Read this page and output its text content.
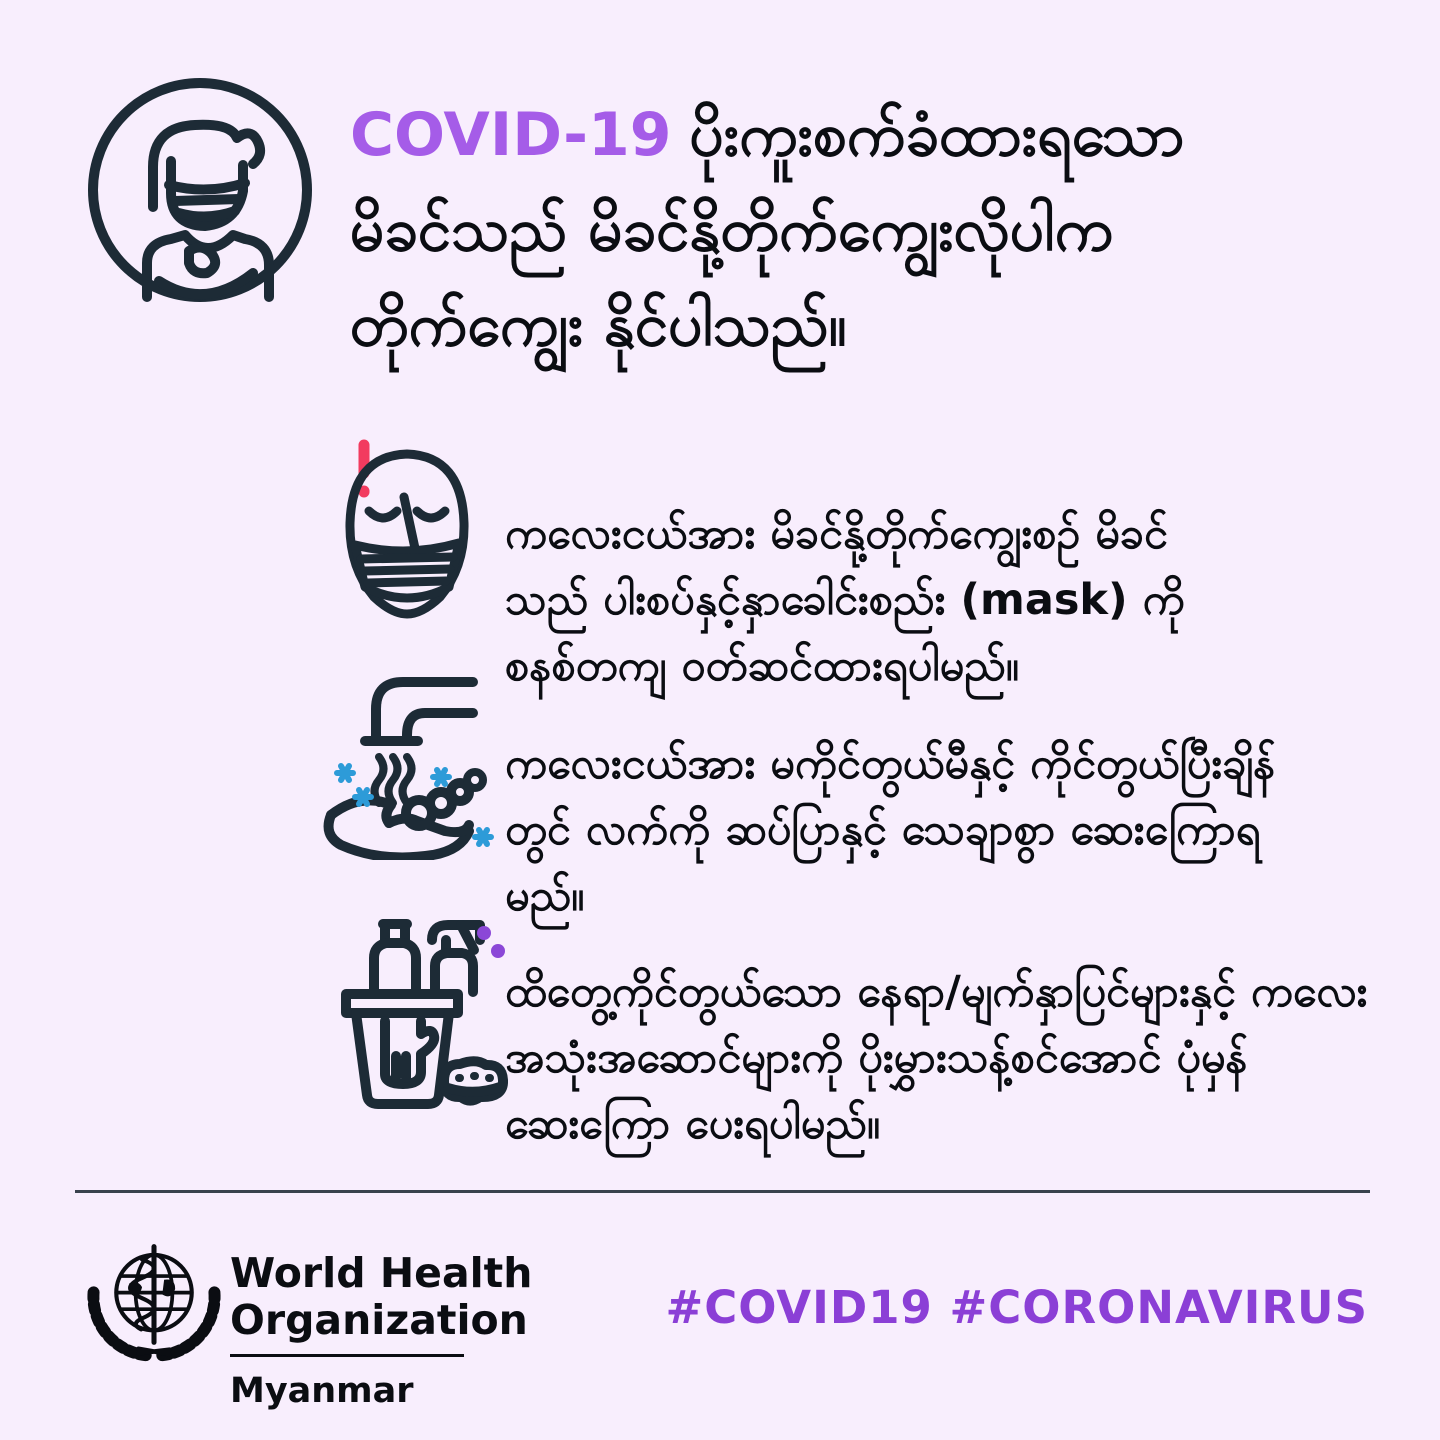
COVID-19 ပိုးကူးစက်ခံထားရသော
မိခင်သည် မိခင်နို့တိုက်ကျွေးလိုပါက
တိုက်ကျွေး နိုင်ပါသည်။

ကလေးငယ်အား မိခင်နို့တိုက်ကျွေးစဉ် မိခင်သည် ပါးစပ်နှင့်နှာခေါင်းစည်း (mask) ကို စနစ်တကျ ဝတ်ဆင်ထားရပါမည်။

ကလေးငယ်အား မကိုင်တွယ်မီနှင့် ကိုင်တွယ်ပြီးချိန်တွင် လက်ကို ဆပ်ပြာနှင့် သေချာစွာ ဆေးကြောရမည်။

ထိတွေ့ကိုင်တွယ်သော နေရာ/မျက်နှာပြင်များနှင့် ကလေး အသုံးအဆောင်များကို ပိုးမွှားသန့်စင်အောင် ပုံမှန်ဆေးကြော ပေးရပါမည်။

World Health
Organization
Myanmar
#COVID19 #CORONAVIRUS
